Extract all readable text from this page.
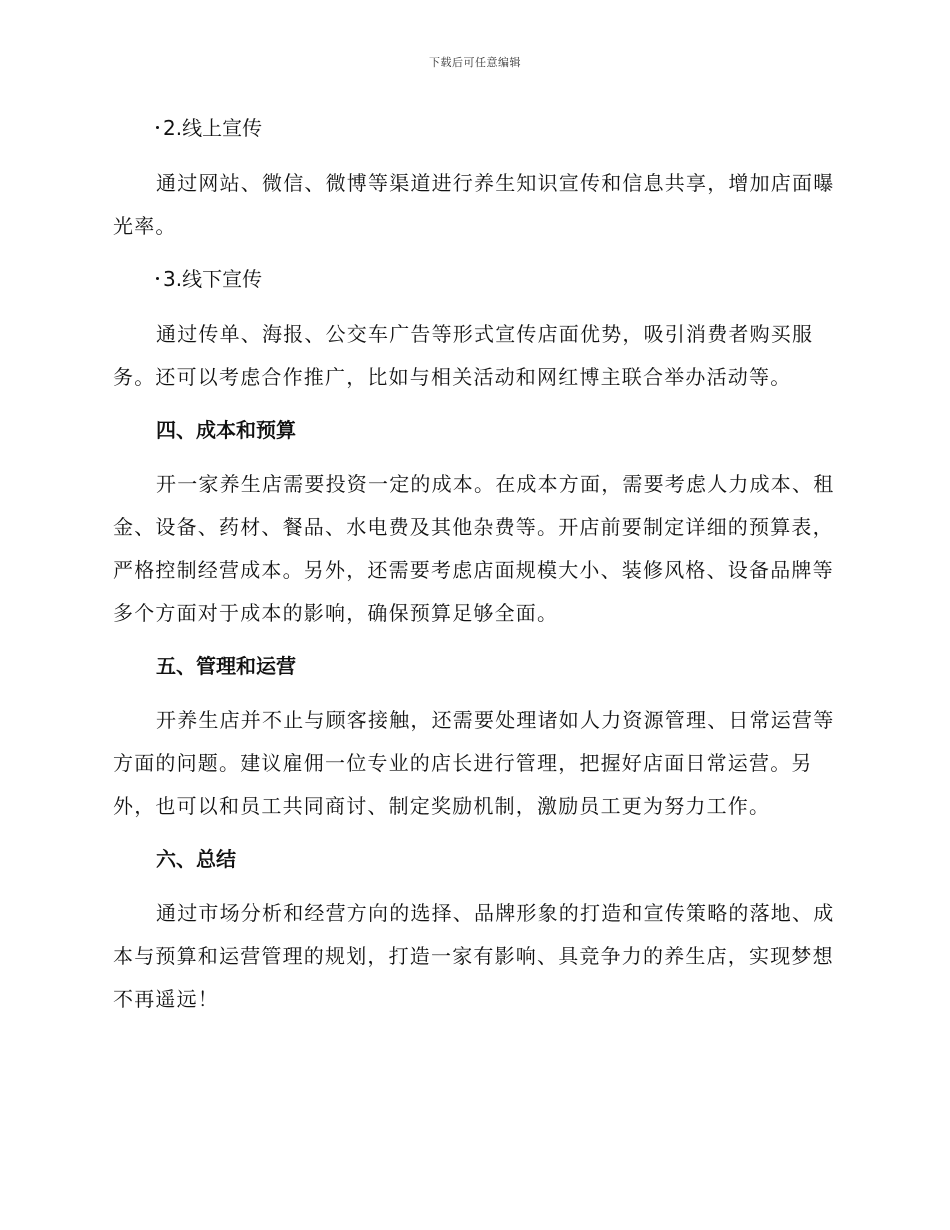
下载后可任意编辑
2.线上宣传

通过网站、微信、微博等渠道进行养生知识宣传和信息共享，增加店面曝光率。

3.线下宣传

通过传单、海报、公交车广告等形式宣传店面优势，吸引消费者购买服务。还可以考虑合作推广，比如与相关活动和网红博主联合举办活动等。

四、成本和预算

开一家养生店需要投资一定的成本。在成本方面，需要考虑人力成本、租金、设备、药材、餐品、水电费及其他杂费等。开店前要制定详细的预算表，严格控制经营成本。另外，还需要考虑店面规模大小、装修风格、设备品牌等多个方面对于成本的影响，确保预算足够全面。

五、管理和运营

开养生店并不止与顾客接触，还需要处理诸如人力资源管理、日常运营等方面的问题。建议雇佣一位专业的店长进行管理，把握好店面日常运营。另外，也可以和员工共同商讨、制定奖励机制，激励员工更为努力工作。

六、总结

通过市场分析和经营方向的选择、品牌形象的打造和宣传策略的落地、成本与预算和运营管理的规划，打造一家有影响、具竞争力的养生店，实现梦想不再遥远！
